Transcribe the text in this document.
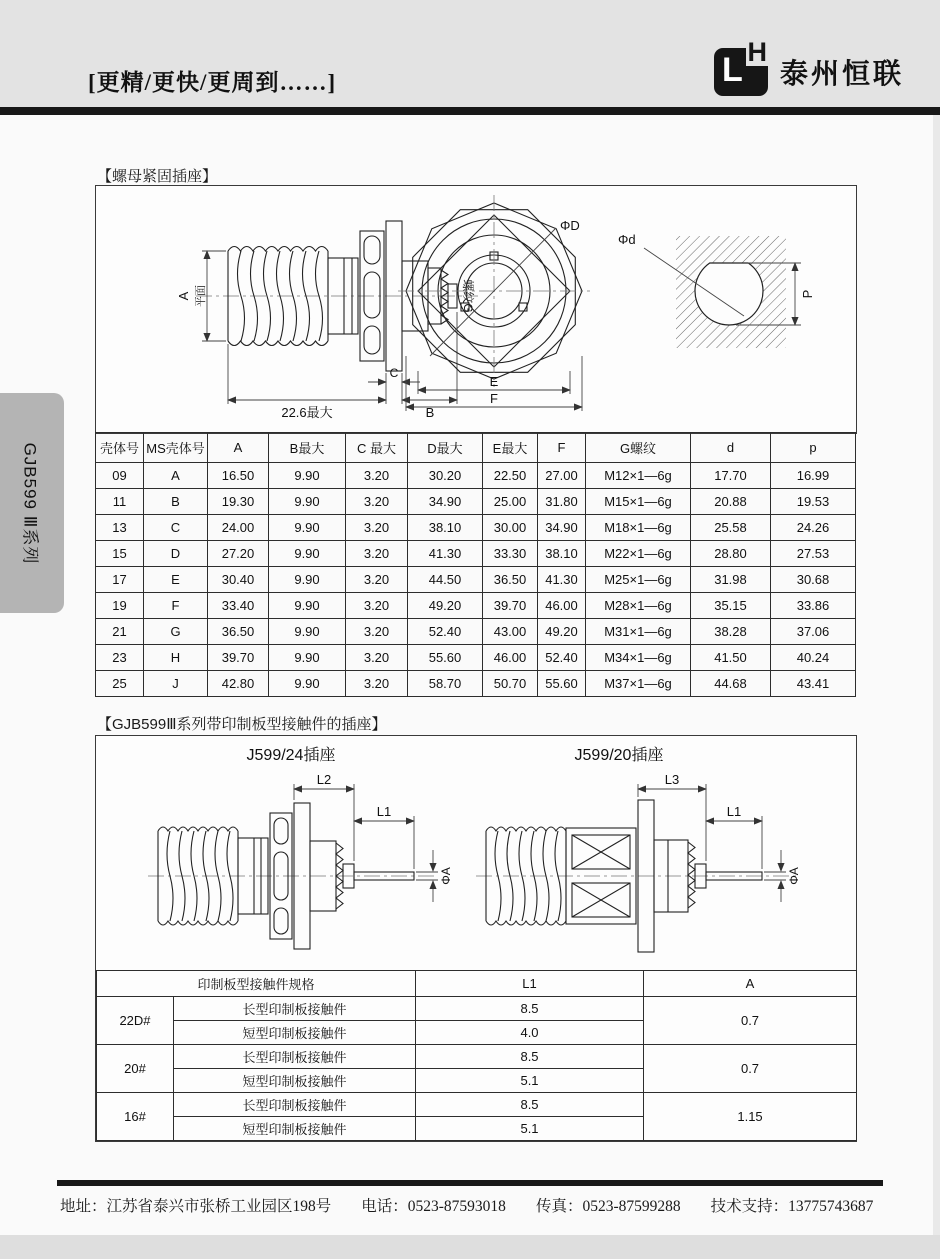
[更精/更快/更周到……]	L H
泰州恒联
GJB599 Ⅲ系列
【螺母紧固插座】
A 平面	螺纹G
C
22.6最大	B
ΦD
E
F
Φd
P
壳体号	MS壳体号	A	B最大	C 最大	D最大	E最大	F	G螺纹	d	p
09	A	16.50	9.90	3.20	30.20	22.50	27.00	M12×1—6g	17.70	16.99
11	B	19.30	9.90	3.20	34.90	25.00	31.80	M15×1—6g	20.88	19.53
13	C	24.00	9.90	3.20	38.10	30.00	34.90	M18×1—6g	25.58	24.26
15	D	27.20	9.90	3.20	41.30	33.30	38.10	M22×1—6g	28.80	27.53
17	E	30.40	9.90	3.20	44.50	36.50	41.30	M25×1—6g	31.98	30.68
19	F	33.40	9.90	3.20	49.20	39.70	46.00	M28×1—6g	35.15	33.86
21	G	36.50	9.90	3.20	52.40	43.00	49.20	M31×1—6g	38.28	37.06
23	H	39.70	9.90	3.20	55.60	46.00	52.40	M34×1—6g	41.50	40.24
25	J	42.80	9.90	3.20	58.70	50.70	55.60	M37×1—6g	44.68	43.41
【GJB599Ⅲ系列带印制板型接触件的插座】
J599/24插座	J599/20插座
L2
L1
ΦA
L3
L1
ΦA
印制板型接触件规格		L1	A
22D#	长型印制板接触件	8.5	0.7
	短型印制板接触件	4.0	
20#	长型印制板接触件	8.5	0.7
	短型印制板接触件	5.1	
16#	长型印制板接触件	8.5	1.15
	短型印制板接触件	5.1	
地址：江苏省泰兴市张桥工业园区198号 电话：0523-87593018 传真：0523-87599288 技术支持：13775743687
